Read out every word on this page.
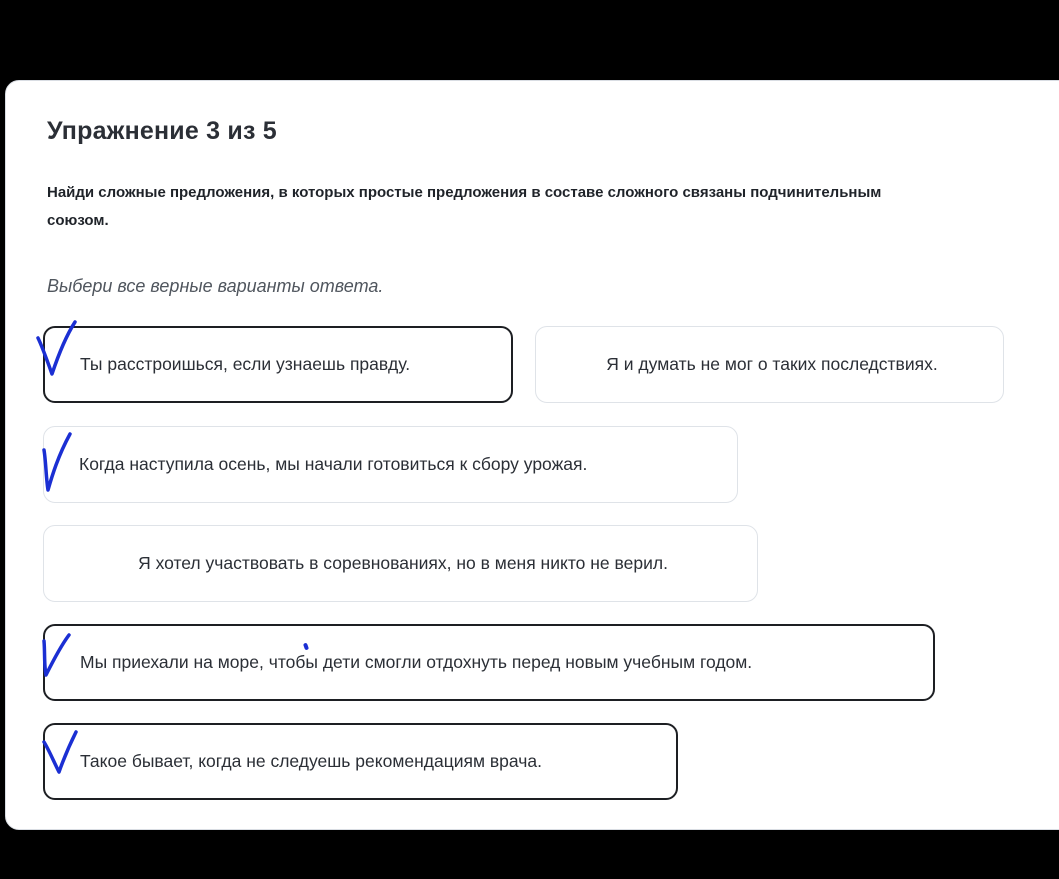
Упражнение 3 из 5

Найди сложные предложения, в которых простые предложения в составе сложного связаны подчинительным союзом.

Выбери все верные варианты ответа.

Ты расстроишься, если узнаешь правду.	Я и думать не мог о таких последствиях.
Когда наступила осень, мы начали готовиться к сбору урожая.
Я хотел участвовать в соревнованиях, но в меня никто не верил.
Мы приехали на море, чтобы дети смогли отдохнуть перед новым учебным годом.
Такое бывает, когда не следуешь рекомендациям врача.
